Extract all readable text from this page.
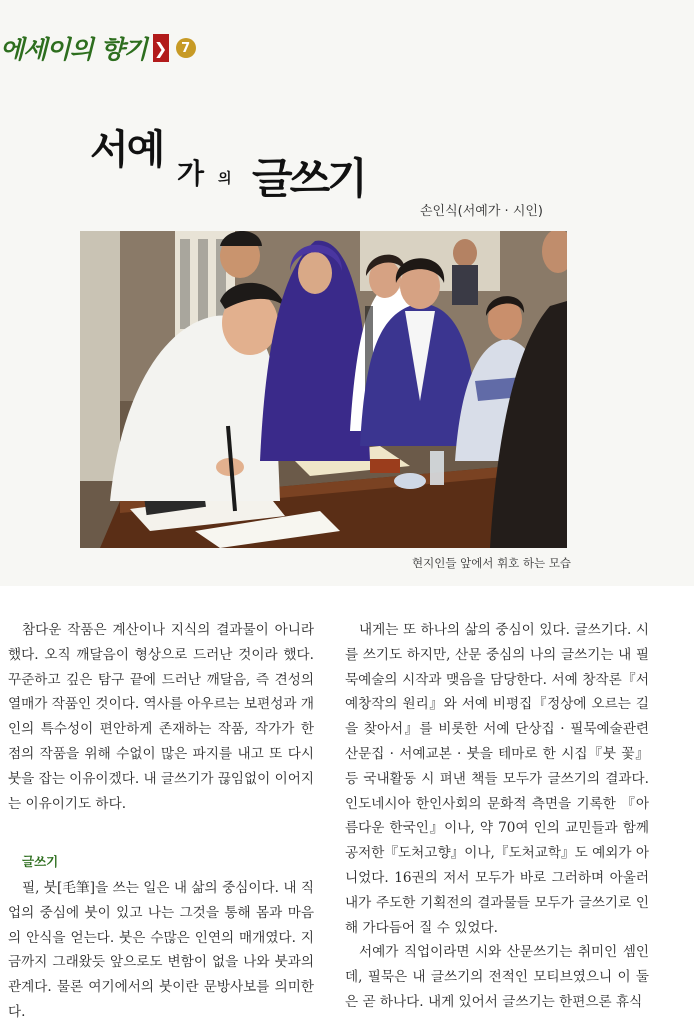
에세이의 향기 ❯	7
서예
가 의 글쓰기
손인식(서예가 · 시인)
현지인들 앞에서 휘호 하는 모습

참다운 작품은 계산이나 지식의 결과물이 아니라 했다. 오직 깨달음이 형상으로 드러난 것이라 했다. 꾸준하고 깊은 탐구 끝에 드러난 깨달음, 즉 견성의 열매가 작품인 것이다. 역사를 아우르는 보편성과 개인의 특수성이 편안하게 존재하는 작품, 작가가 한 점의 작품을 위해 수없이 많은 파지를 내고 또 다시 붓을 잡는 이유이겠다. 내 글쓰기가 끊임없이 이어지는 이유이기도 하다.

글쓰기

필, 붓[毛筆]을 쓰는 일은 내 삶의 중심이다. 내 직업의 중심에 붓이 있고 나는 그것을 통해 몸과 마음의 안식을 얻는다. 붓은 수많은 인연의 매개였다. 지금까지 그래왔듯 앞으로도 변함이 없을 나와 붓과의 관계다. 물론 여기에서의 붓이란 문방사보를 의미한다.

내게는 또 하나의 삶의 중심이 있다. 글쓰기다. 시를 쓰기도 하지만, 산문 중심의 나의 글쓰기는 내 필묵예술의 시작과 맺음을 담당한다. 서예 창작론『서예창작의 원리』와 서예 비평집『정상에 오르는 길을 찾아서』를 비롯한 서예 단상집 · 필묵예술관련 산문집 · 서예교본 · 붓을 테마로 한 시집『붓 꽃』등 국내활동 시 펴낸 책들 모두가 글쓰기의 결과다. 인도네시아 한인사회의 문화적 측면을 기록한 『아름다운 한국인』이나, 약 70여 인의 교민들과 함께 공저한『도처고향』이나,『도처교학』도 예외가 아니었다. 16권의 저서 모두가 바로 그러하며 아울러 내가 주도한 기획전의 결과물들 모두가 글쓰기로 인해 가다듬어 질 수 있었다.

서예가 직업이라면 시와 산문쓰기는 취미인 셈인데, 필묵은 내 글쓰기의 전적인 모티브였으니 이 둘은 곧 하나다. 내게 있어서 글쓰기는 한편으론 휴식
